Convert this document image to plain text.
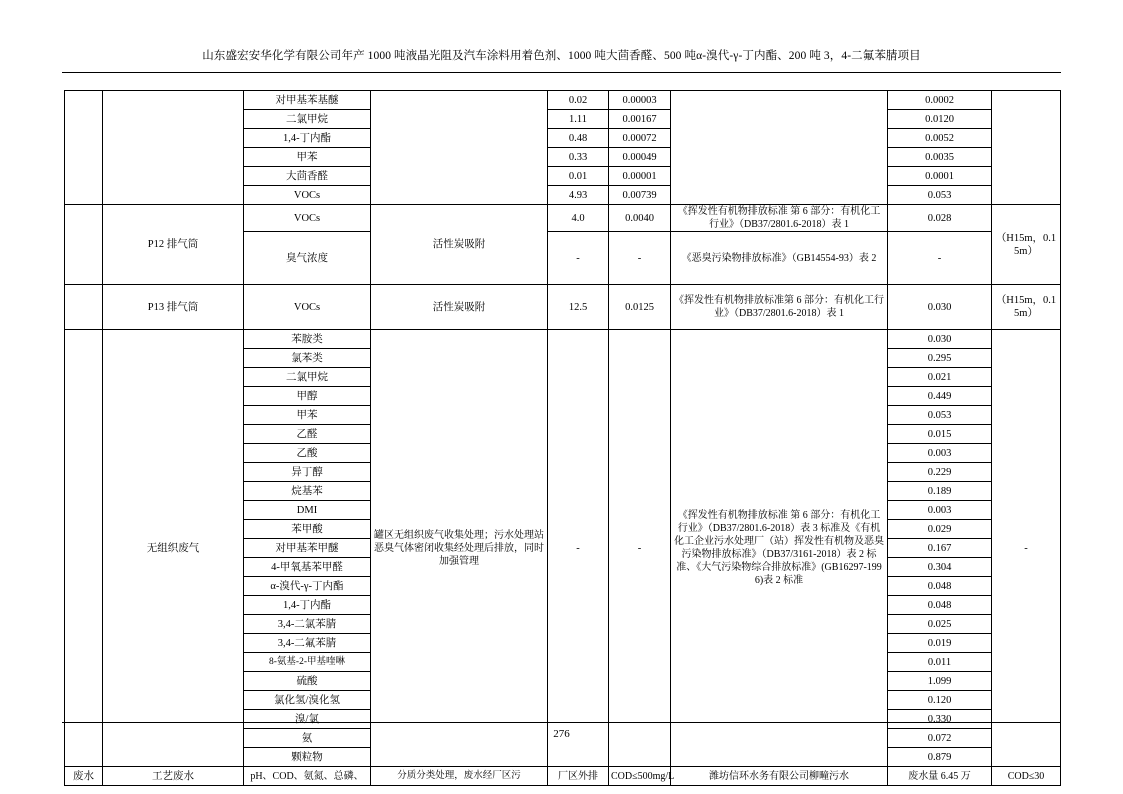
山东盛宏安华化学有限公司年产 1000 吨液晶光阻及汽车涂料用着色剂、1000 吨大茴香醛、500 吨α-溴代-γ-丁内酯、200 吨 3，4-二氟苯腈项目
		对甲基苯基醚		0.02	0.00003		0.0002	
		二氯甲烷		1.11	0.00167		0.0120	
		1,4-丁内酯		0.48	0.00072		0.0052	
		甲苯		0.33	0.00049		0.0035	
		大茴香醛		0.01	0.00001		0.0001	
		VOCs		4.93	0.00739		0.053	
	P12 排气筒	VOCs	活性炭吸附	4.0	0.0040	《挥发性有机物排放标准 第 6 部分：有机化工行业》（DB37/2801.6-2018）表 1	0.028	（H15m，0.15m）
		臭气浓度		-	-	《恶臭污染物排放标准》（GB14554-93）表 2	-	
	P13 排气筒	VOCs	活性炭吸附	12.5	0.0125	《挥发性有机物排放标准第 6 部分：有机化工行业》（DB37/2801.6-2018）表 1	0.030	（H15m，0.15m）
	无组织废气	苯胺类	罐区无组织废气收集处理；污水处理站恶臭气体密闭收集经处理后排放，同时加强管理	-	-	《挥发性有机物排放标准 第 6 部分：有机化工行业》（DB37/2801.6-2018）表 3 标准及《有机化工企业污水处理厂（站）挥发性有机物及恶臭污染物排放标准》（DB37/3161-2018）表 2 标准、《大气污染物综合排放标准》(GB16297-1996)表 2 标准	0.030	-
		氯苯类					0.295	
		二氯甲烷					0.021	
		甲醇					0.449	
		甲苯					0.053	
		乙醛					0.015	
		乙酸					0.003	
		异丁醇					0.229	
		烷基苯					0.189	
		DMI					0.003	
		苯甲酸					0.029	
		对甲基苯甲醚					0.167	
		4-甲氧基苯甲醛					0.304	
		α-溴代-γ-丁内酯					0.048	
		1,4-丁内酯					0.048	
		3,4-二氯苯腈					0.025	
		3,4-二氟苯腈					0.019	
		8-氨基-2-甲基喹啉					0.011	
		硫酸					1.099	
		氯化氢/溴化氢					0.120	
		溴/氯					0.330	
		氨					0.072	
		颗粒物					0.879	
废水	工艺废水	pH、COD、氨氮、总磷、	分质分类处理，废水经厂区污	厂区外排	COD≤500mg/L	潍坊信环水务有限公司柳疃污水	废水量 6.45 万	COD≤30
276
